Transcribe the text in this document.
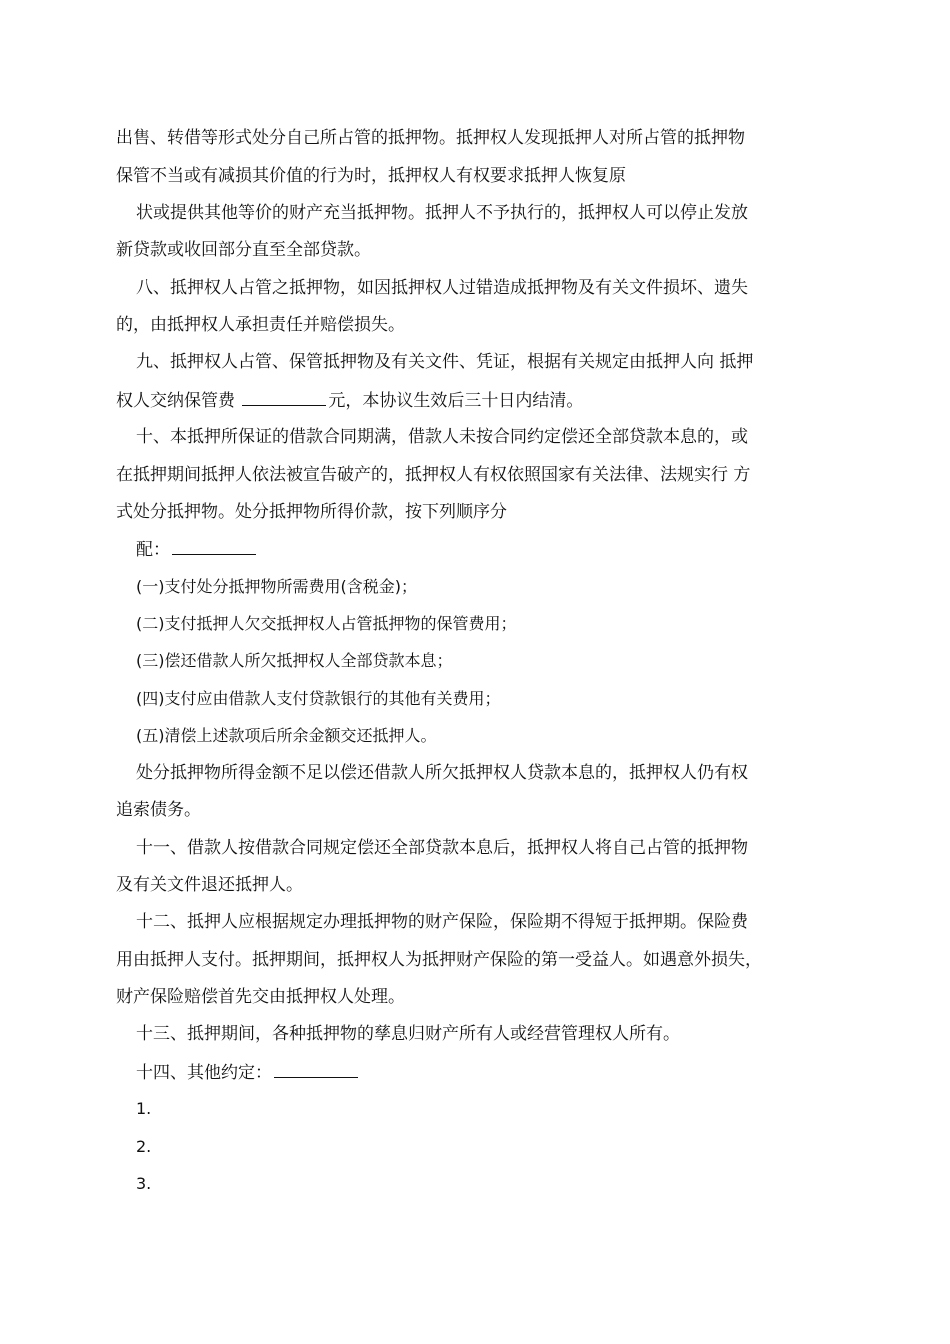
出售、转借等形式处分自己所占管的抵押物。抵押权人发现抵押人对所占管的抵押物
保管不当或有减损其价值的行为时，抵押权人有权要求抵押人恢复原
状或提供其他等价的财产充当抵押物。抵押人不予执行的，抵押权人可以停止发放
新贷款或收回部分直至全部贷款。
八、抵押权人占管之抵押物，如因抵押权人过错造成抵押物及有关文件损坏、遗失
的，由抵押权人承担责任并赔偿损失。
九、抵押权人占管、保管抵押物及有关文件、凭证，根据有关规定由抵押人向 抵押
权人交纳保管费	元，本协议生效后三十日内结清。
十、本抵押所保证的借款合同期满，借款人未按合同约定偿还全部贷款本息的，或
在抵押期间抵押人依法被宣告破产的，抵押权人有权依照国家有关法律、法规实行 方
式处分抵押物。处分抵押物所得价款，按下列顺序分
配：
(一)支付处分抵押物所需费用(含税金)；
(二)支付抵押人欠交抵押权人占管抵押物的保管费用；
(三)偿还借款人所欠抵押权人全部贷款本息；
(四)支付应由借款人支付贷款银行的其他有关费用；
(五)清偿上述款项后所余金额交还抵押人。
处分抵押物所得金额不足以偿还借款人所欠抵押权人贷款本息的，抵押权人仍有权
追索债务。
十一、借款人按借款合同规定偿还全部贷款本息后，抵押权人将自己占管的抵押物
及有关文件退还抵押人。
十二、抵押人应根据规定办理抵押物的财产保险，保险期不得短于抵押期。保险费
用由抵押人支付。抵押期间，抵押权人为抵押财产保险的第一受益人。如遇意外损失，
财产保险赔偿首先交由抵押权人处理。
十三、抵押期间，各种抵押物的孳息归财产所有人或经营管理权人所有。
十四、其他约定：
1.
2.
3.
